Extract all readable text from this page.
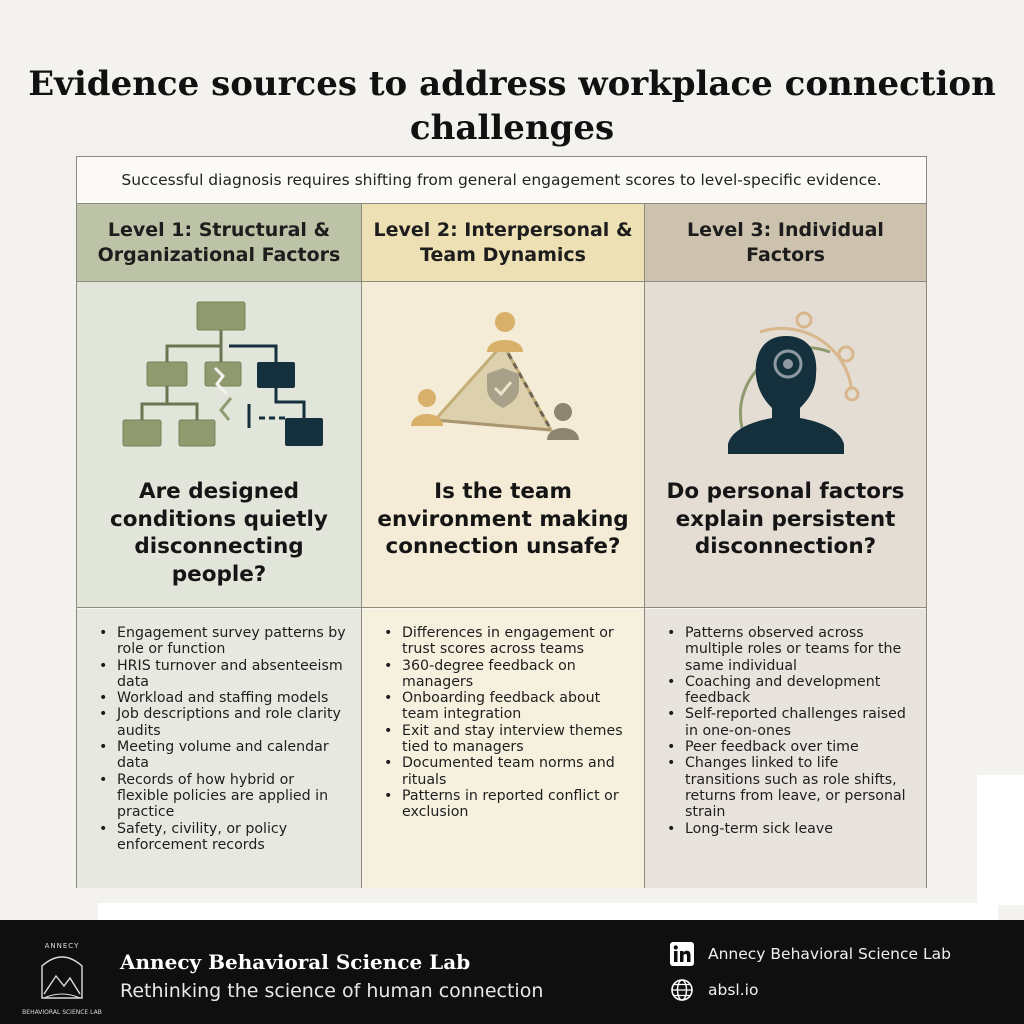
Evidence sources to address workplace connection challenges
Successful diagnosis requires shifting from general engagement scores to level-specific evidence.
Level 1: Structural & Organizational Factors
Are designed conditions quietly disconnecting people?
• Engagement survey patterns by role or function
• HRIS turnover and absenteeism data
• Workload and staffing models
• Job descriptions and role clarity audits
• Meeting volume and calendar data
• Records of how hybrid or flexible policies are applied in practice
• Safety, civility, or policy enforcement records
Level 2: Interpersonal & Team Dynamics
Is the team environment making connection unsafe?
• Differences in engagement or trust scores across teams
• 360-degree feedback on managers
• Onboarding feedback about team integration
• Exit and stay interview themes tied to managers
• Documented team norms and rituals
• Patterns in reported conflict or exclusion
Level 3: Individual Factors
Do personal factors explain persistent disconnection?
• Patterns observed across multiple roles or teams for the same individual
• Coaching and development feedback
• Self-reported challenges raised in one-on-ones
• Peer feedback over time
• Changes linked to life transitions such as role shifts, returns from leave, or personal strain
• Long-term sick leave
ANNECY
BEHAVIORAL SCIENCE LAB
Annecy Behavioral Science Lab
Rethinking the science of human connection
Annecy Behavioral Science Lab
absl.io
